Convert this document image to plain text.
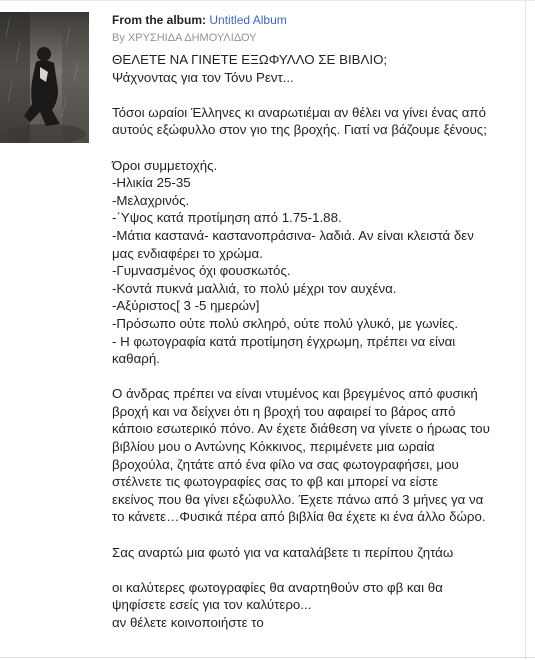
From the album: Untitled Album
By ΧΡΥΣΗΙΔΑ ΔΗΜΟΥΛΙΔΟΥ
ΘΕΛΕΤΕ ΝΑ ΓΙΝΕΤΕ ΕΞΩΦΥΛΛΟ ΣΕ ΒΙΒΛΙΟ;
Ψάχνοντας για τον Τόνυ Ρεντ...
Τόσοι ωραίοι Έλληνες κι αναρωτιέμαι αν θέλει να γίνει ένας από
αυτούς εξώφυλλο στον γιο της βροχής. Γιατί να βάζουμε ξένους;
Όροι συμμετοχής.
-Ηλικία 25-35
-Μελαχρινός.
-΄Υψος κατά προτίμηση από 1.75-1.88.
-Μάτια καστανά- καστανοπράσινα- λαδιά. Αν είναι κλειστά δεν
μας ενδιαφέρει το χρώμα.
-Γυμνασμένος όχι φουσκωτός.
-Κοντά πυκνά μαλλιά, το πολύ μέχρι τον αυχένα.
-Αξύριστος[ 3 -5 ημερών]
-Πρόσωπο ούτε πολύ σκληρό, ούτε πολύ γλυκό, με γωνίες.
- Η φωτογραφία κατά προτίμηση έγχρωμη, πρέπει να είναι
καθαρή.
Ο άνδρας πρέπει να είναι ντυμένος και βρεγμένος από φυσική
βροχή και να δείχνει ότι η βροχή του αφαιρεί το βάρος από
κάποιο εσωτερικό πόνο. Αν έχετε διάθεση να γίνετε ο ήρωας του
βιβλίου μου ο Αντώνης Κόκκινος, περιμένετε μια ωραία
βροχούλα, ζητάτε από ένα φίλο να σας φωτογραφήσει, μου
στέλνετε τις φωτογραφίες σας το φβ και μπορεί να είστε
εκείνος που θα γίνει εξώφυλλο. Έχετε πάνω από 3 μήνες γα να
το κάνετε…Φυσικά πέρα από βιβλία θα έχετε κι ένα άλλο δώρο.
Σας αναρτώ μια φωτό για να καταλάβετε τι περίπου ζητάω
οι καλύτερες φωτογραφίες θα αναρτηθούν στο φβ και θα
ψηφίσετε εσείς για τον καλύτερο...
αν θέλετε κοινοποιήστε το
